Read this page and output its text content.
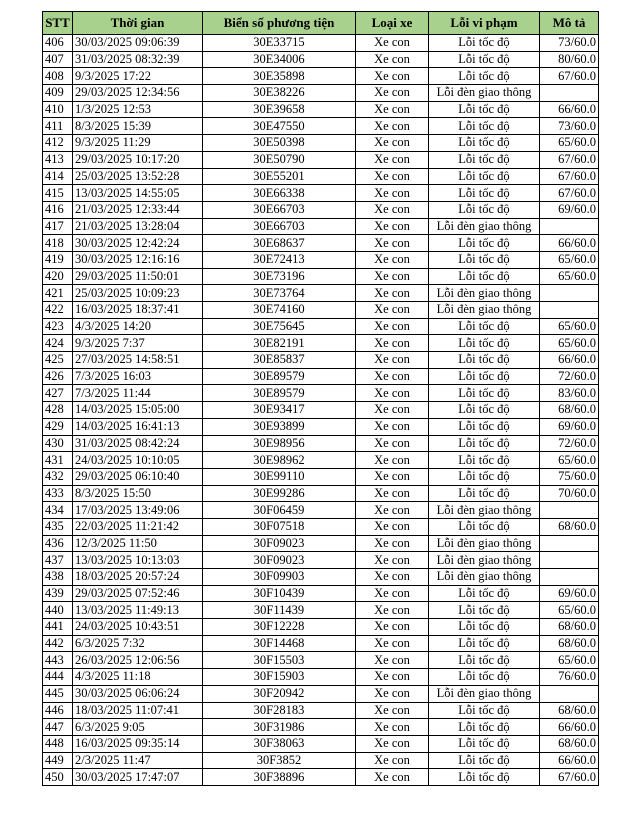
STT	Thời gian	Biển số phương tiện	Loại xe	Lỗi vi phạm	Mô tả
406	30/03/2025 09:06:39	30E33715	Xe con	Lỗi tốc độ	73/60.0
407	31/03/2025 08:32:39	30E34006	Xe con	Lỗi tốc độ	80/60.0
408	9/3/2025 17:22	30E35898	Xe con	Lỗi tốc độ	67/60.0
409	29/03/2025 12:34:56	30E38226	Xe con	Lỗi đèn giao thông	
410	1/3/2025 12:53	30E39658	Xe con	Lỗi tốc độ	66/60.0
411	8/3/2025 15:39	30E47550	Xe con	Lỗi tốc độ	73/60.0
412	9/3/2025 11:29	30E50398	Xe con	Lỗi tốc độ	65/60.0
413	29/03/2025 10:17:20	30E50790	Xe con	Lỗi tốc độ	67/60.0
414	25/03/2025 13:52:28	30E55201	Xe con	Lỗi tốc độ	67/60.0
415	13/03/2025 14:55:05	30E66338	Xe con	Lỗi tốc độ	67/60.0
416	21/03/2025 12:33:44	30E66703	Xe con	Lỗi tốc độ	69/60.0
417	21/03/2025 13:28:04	30E66703	Xe con	Lỗi đèn giao thông	
418	30/03/2025 12:42:24	30E68637	Xe con	Lỗi tốc độ	66/60.0
419	30/03/2025 12:16:16	30E72413	Xe con	Lỗi tốc độ	65/60.0
420	29/03/2025 11:50:01	30E73196	Xe con	Lỗi tốc độ	65/60.0
421	25/03/2025 10:09:23	30E73764	Xe con	Lỗi đèn giao thông	
422	16/03/2025 18:37:41	30E74160	Xe con	Lỗi đèn giao thông	
423	4/3/2025 14:20	30E75645	Xe con	Lỗi tốc độ	65/60.0
424	9/3/2025 7:37	30E82191	Xe con	Lỗi tốc độ	65/60.0
425	27/03/2025 14:58:51	30E85837	Xe con	Lỗi tốc độ	66/60.0
426	7/3/2025 16:03	30E89579	Xe con	Lỗi tốc độ	72/60.0
427	7/3/2025 11:44	30E89579	Xe con	Lỗi tốc độ	83/60.0
428	14/03/2025 15:05:00	30E93417	Xe con	Lỗi tốc độ	68/60.0
429	14/03/2025 16:41:13	30E93899	Xe con	Lỗi tốc độ	69/60.0
430	31/03/2025 08:42:24	30E98956	Xe con	Lỗi tốc độ	72/60.0
431	24/03/2025 10:10:05	30E98962	Xe con	Lỗi tốc độ	65/60.0
432	29/03/2025 06:10:40	30E99110	Xe con	Lỗi tốc độ	75/60.0
433	8/3/2025 15:50	30E99286	Xe con	Lỗi tốc độ	70/60.0
434	17/03/2025 13:49:06	30F06459	Xe con	Lỗi đèn giao thông	
435	22/03/2025 11:21:42	30F07518	Xe con	Lỗi tốc độ	68/60.0
436	12/3/2025 11:50	30F09023	Xe con	Lỗi đèn giao thông	
437	13/03/2025 10:13:03	30F09023	Xe con	Lỗi đèn giao thông	
438	18/03/2025 20:57:24	30F09903	Xe con	Lỗi đèn giao thông	
439	29/03/2025 07:52:46	30F10439	Xe con	Lỗi tốc độ	69/60.0
440	13/03/2025 11:49:13	30F11439	Xe con	Lỗi tốc độ	65/60.0
441	24/03/2025 10:43:51	30F12228	Xe con	Lỗi tốc độ	68/60.0
442	6/3/2025 7:32	30F14468	Xe con	Lỗi tốc độ	68/60.0
443	26/03/2025 12:06:56	30F15503	Xe con	Lỗi tốc độ	65/60.0
444	4/3/2025 11:18	30F15903	Xe con	Lỗi tốc độ	76/60.0
445	30/03/2025 06:06:24	30F20942	Xe con	Lỗi đèn giao thông	
446	18/03/2025 11:07:41	30F28183	Xe con	Lỗi tốc độ	68/60.0
447	6/3/2025 9:05	30F31986	Xe con	Lỗi tốc độ	66/60.0
448	16/03/2025 09:35:14	30F38063	Xe con	Lỗi tốc độ	68/60.0
449	2/3/2025 11:47	30F3852	Xe con	Lỗi tốc độ	66/60.0
450	30/03/2025 17:47:07	30F38896	Xe con	Lỗi tốc độ	67/60.0
